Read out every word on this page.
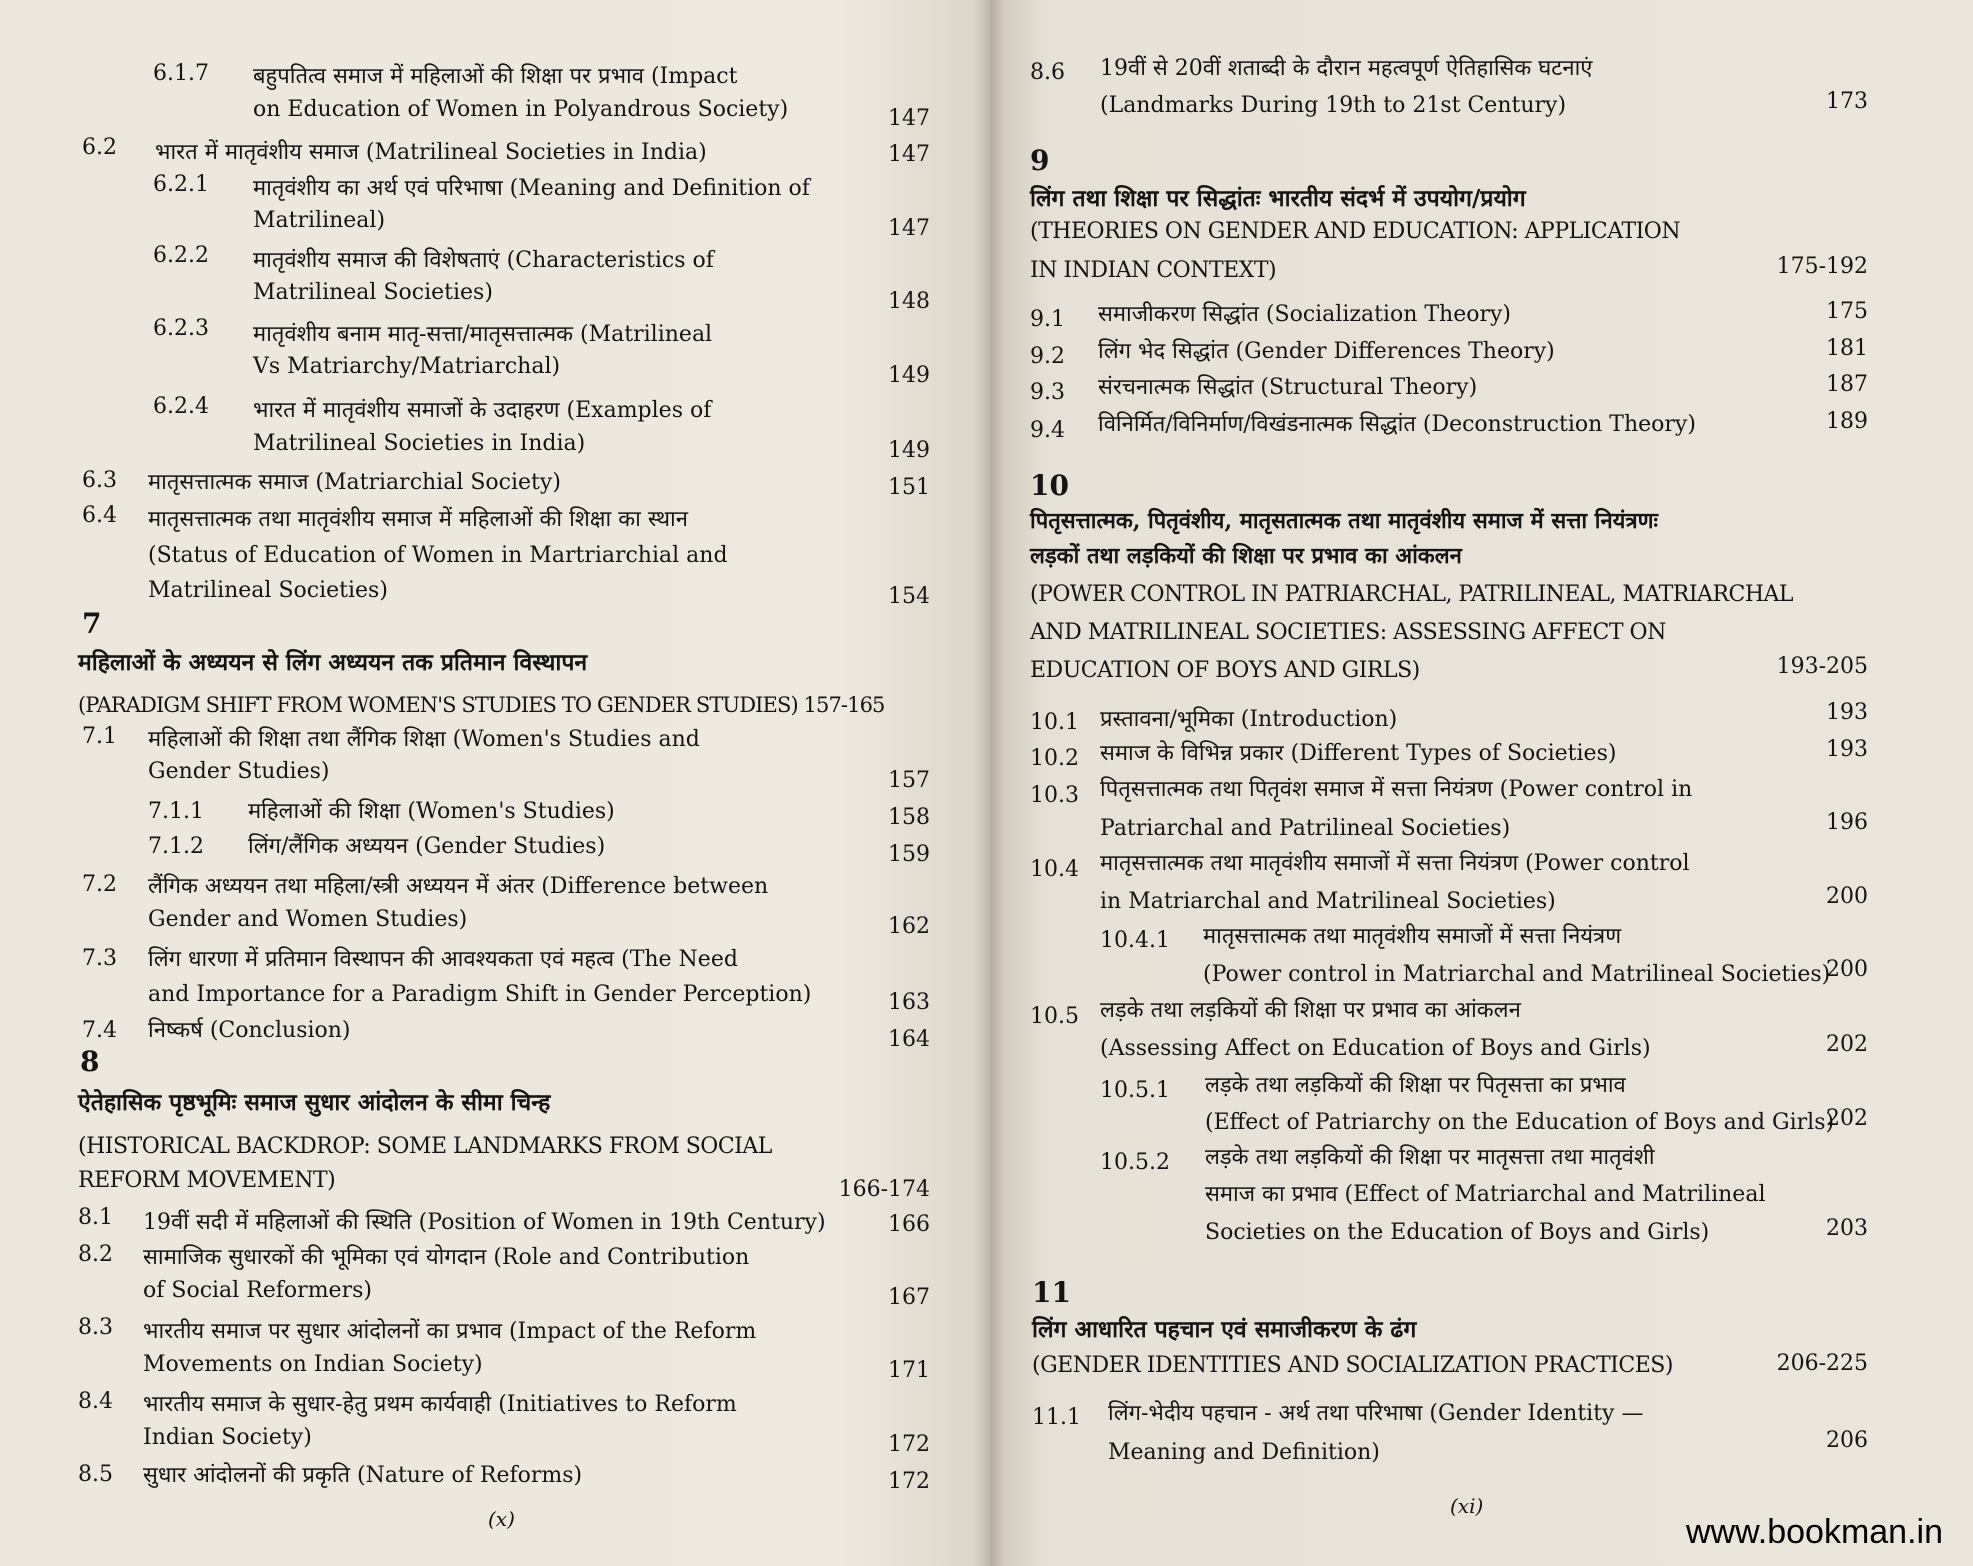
6.1.7 बहुपतित्व समाज में महिलाओं की शिक्षा पर प्रभाव (Impact
on Education of Women in Polyandrous Society)	147
6.2 भारत में मातृवंशीय समाज (Matrilineal Societies in India)	147
6.2.1 मातृवंशीय का अर्थ एवं परिभाषा (Meaning and Definition of
Matrilineal)	147
6.2.2 मातृवंशीय समाज की विशेषताएं (Characteristics of
Matrilineal Societies)	148
6.2.3 मातृवंशीय बनाम मातृ-सत्ता/मातृसत्तात्मक (Matrilineal
Vs Matriarchy/Matriarchal)	149
6.2.4 भारत में मातृवंशीय समाजों के उदाहरण (Examples of
Matrilineal Societies in India)	149
6.3 मातृसत्तात्मक समाज (Matriarchial Society)	151
6.4 मातृसत्तात्मक तथा मातृवंशीय समाज में महिलाओं की शिक्षा का स्थान
(Status of Education of Women in Martriarchial and
Matrilineal Societies)	154
7
महिलाओं के अध्ययन से लिंग अध्ययन तक प्रतिमान विस्थापन
(PARADIGM SHIFT FROM WOMEN'S STUDIES TO GENDER STUDIES) 157-165
7.1 महिलाओं की शिक्षा तथा लैंगिक शिक्षा (Women's Studies and
Gender Studies)	157
7.1.1 महिलाओं की शिक्षा (Women's Studies)	158
7.1.2 लिंग/लैंगिक अध्ययन (Gender Studies)	159
7.2 लैंगिक अध्ययन तथा महिला/स्त्री अध्ययन में अंतर (Difference between
Gender and Women Studies)	162
7.3 लिंग धारणा में प्रतिमान विस्थापन की आवश्यकता एवं महत्व (The Need
and Importance for a Paradigm Shift in Gender Perception)	163
7.4 निष्कर्ष (Conclusion)	164
8
ऐतेहासिक पृष्ठभूमिः समाज सुधार आंदोलन के सीमा चिन्ह
(HISTORICAL BACKDROP: SOME LANDMARKS FROM SOCIAL
REFORM MOVEMENT)	166-174
8.1 19वीं सदी में महिलाओं की स्थिति (Position of Women in 19th Century)	166
8.2 सामाजिक सुधारकों की भूमिका एवं योगदान (Role and Contribution
of Social Reformers)	167
8.3 भारतीय समाज पर सुधार आंदोलनों का प्रभाव (Impact of the Reform
Movements on Indian Society)	171
8.4 भारतीय समाज के सुधार-हेतु प्रथम कार्यवाही (Initiatives to Reform
Indian Society)	172
8.5 सुधार आंदोलनों की प्रकृति (Nature of Reforms)	172
(x)
8.6 19वीं से 20वीं शताब्दी के दौरान महत्वपूर्ण ऐतिहासिक घटनाएं
(Landmarks During 19th to 21st Century)	173
9
लिंग तथा शिक्षा पर सिद्धांतः भारतीय संदर्भ में उपयोग/प्रयोग
(THEORIES ON GENDER AND EDUCATION: APPLICATION
IN INDIAN CONTEXT)	175-192
9.1 समाजीकरण सिद्धांत (Socialization Theory)	175
9.2 लिंग भेद सिद्धांत (Gender Differences Theory)	181
9.3 संरचनात्मक सिद्धांत (Structural Theory)	187
9.4 विनिर्मित/विनिर्माण/विखंडनात्मक सिद्धांत (Deconstruction Theory)	189
10
पितृसत्तात्मक, पितृवंशीय, मातृसतात्मक तथा मातृवंशीय समाज में सत्ता नियंत्रणः
लड़कों तथा लड़कियों की शिक्षा पर प्रभाव का आंकलन
(POWER CONTROL IN PATRIARCHAL, PATRILINEAL, MATRIARCHAL
AND MATRILINEAL SOCIETIES: ASSESSING AFFECT ON
EDUCATION OF BOYS AND GIRLS)	193-205
10.1 प्रस्तावना/भूमिका (Introduction)	193
10.2 समाज के विभिन्न प्रकार (Different Types of Societies)	193
10.3 पितृसत्तात्मक तथा पितृवंश समाज में सत्ता नियंत्रण (Power control in
Patriarchal and Patrilineal Societies)	196
10.4 मातृसत्तात्मक तथा मातृवंशीय समाजों में सत्ता नियंत्रण (Power control
in Matriarchal and Matrilineal Societies)	200
10.4.1 मातृसत्तात्मक तथा मातृवंशीय समाजों में सत्ता नियंत्रण
(Power control in Matriarchal and Matrilineal Societies)
200
10.5 लड़के तथा लड़कियों की शिक्षा पर प्रभाव का आंकलन
(Assessing Affect on Education of Boys and Girls)	202
10.5.1 लड़के तथा लड़कियों की शिक्षा पर पितृसत्ता का प्रभाव
(Effect of Patriarchy on the Education of Boys and Girls)
202
10.5.2 लड़के तथा लड़कियों की शिक्षा पर मातृसत्ता तथा मातृवंशी
समाज का प्रभाव (Effect of Matriarchal and Matrilineal
Societies on the Education of Boys and Girls)	203
11
लिंग आधारित पहचान एवं समाजीकरण के ढंग
(GENDER IDENTITIES AND SOCIALIZATION PRACTICES)	206-225
11.1 लिंग-भेदीय पहचान - अर्थ तथा परिभाषा (Gender Identity —
Meaning and Definition)	206
(xi)
www.bookman.in
